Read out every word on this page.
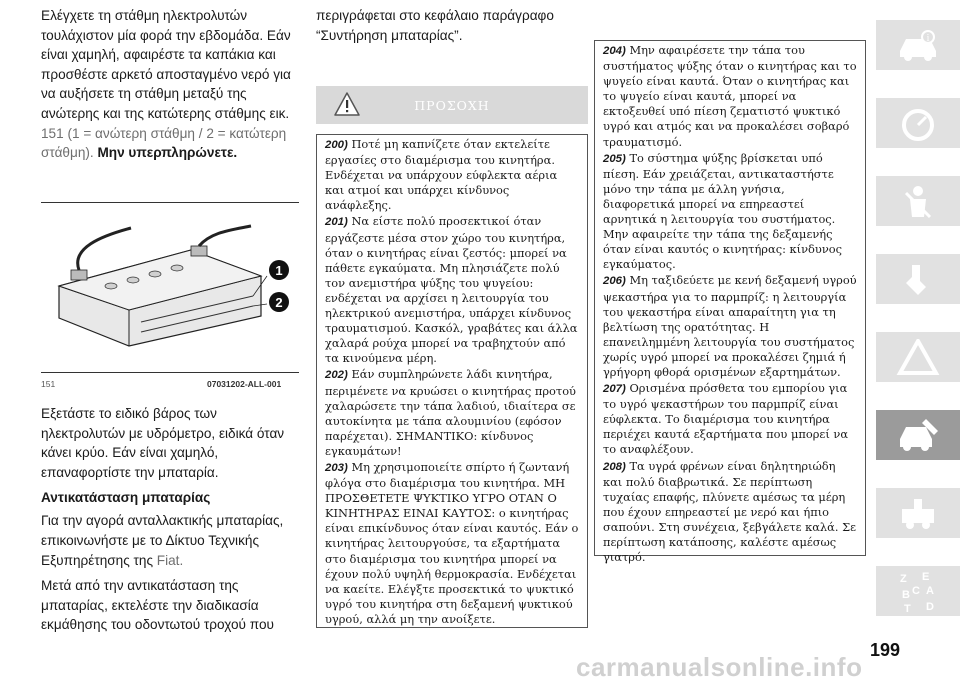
Ελέγχετε τη στάθμη ηλεκτρολυτών τουλάχιστον μία φορά την εβδομάδα. Εάν είναι χαμηλή, αφαιρέστε τα καπάκια και προσθέστε αρκετό αποσταγμένο νερό για να αυξήσετε τη στάθμη μεταξύ της ανώτερης και της κατώτερης στάθμης εικ. 151 (1 = ανώτερη στάθμη / 2 = κατώτερη στάθμη). Μην υπερπληρώνετε.

1
2
151	07031202-ALL-001

Εξετάστε το ειδικό βάρος των ηλεκτρολυτών με υδρόμετρο, ειδικά όταν κάνει κρύο. Εάν είναι χαμηλό, επαναφορτίστε την μπαταρία.

Αντικατάσταση μπαταρίας

Για την αγορά ανταλλακτικής μπαταρίας, επικοινωνήστε με το Δίκτυο Τεχνικής Εξυπηρέτησης της Fiat.

Μετά από την αντικατάσταση της μπαταρίας, εκτελέστε την διαδικασία εκμάθησης του οδοντωτού τροχού που

περιγράφεται στο κεφάλαιο παράγραφο “Συντήρηση μπαταρίας”.
ΠΡΟΣΟΧΗ

200) Ποτέ μη καπνίζετε όταν εκτελείτε εργασίες στο διαμέρισμα του κινητήρα. Ενδέχεται να υπάρχουν εύφλεκτα αέρια και ατμοί και υπάρχει κίνδυνος ανάφλεξης.

201) Να είστε πολύ προσεκτικοί όταν εργάζεστε μέσα στον χώρο του κινητήρα, όταν ο κινητήρας είναι ζεστός: μπορεί να πάθετε εγκαύματα. Μη πλησιάζετε πολύ τον ανεμιστήρα ψύξης του ψυγείου: ενδέχεται να αρχίσει η λειτουργία του ηλεκτρικού ανεμιστήρα, υπάρχει κίνδυνος τραυματισμού. Κασκόλ, γραβάτες και άλλα χαλαρά ρούχα μπορεί να τραβηχτούν από τα κινούμενα μέρη.

202) Εάν συμπληρώνετε λάδι κινητήρα, περιμένετε να κρυώσει ο κινητήρας προτού χαλαρώσετε την τάπα λαδιού, ιδιαίτερα σε αυτοκίνητα με τάπα αλουμινίου (εφόσον παρέχεται). ΣΗΜΑΝΤΙΚΟ: κίνδυνος εγκαυμάτων!

203) Μη χρησιμοποιείτε σπίρτο ή ζωντανή φλόγα στο διαμέρισμα του κινητήρα. ΜΗ ΠΡΟΣΘΕΤΕΤΕ ΨΥΚΤΙΚΟ ΥΓΡΟ ΟΤΑΝ Ο ΚΙΝΗΤΗΡΑΣ ΕΙΝΑΙ ΚΑΥΤΟΣ: ο κινητήρας είναι επικίνδυνος όταν είναι καυτός. Εάν ο κινητήρας λειτουργούσε, τα εξαρτήματα στο διαμέρισμα του κινητήρα μπορεί να έχουν πολύ υψηλή θερμοκρασία. Ενδέχεται να καείτε. Ελέγξτε προσεκτικά το ψυκτικό υγρό του κινητήρα στη δεξαμενή ψυκτικού υγρού, αλλά μη την ανοίξετε.

204) Μην αφαιρέσετε την τάπα του συστήματος ψύξης όταν ο κινητήρας και το ψυγείο είναι καυτά. Όταν ο κινητήρας και το ψυγείο είναι καυτά, μπορεί να εκτοξευθεί υπό πίεση ζεματιστό ψυκτικό υγρό και ατμός και να προκαλέσει σοβαρό τραυματισμό.

205) Το σύστημα ψύξης βρίσκεται υπό πίεση. Εάν χρειάζεται, αντικαταστήστε μόνο την τάπα με άλλη γνήσια, διαφορετικά μπορεί να επηρεαστεί αρνητικά η λειτουργία του συστήματος. Μην αφαιρείτε την τάπα της δεξαμενής όταν είναι καυτός ο κινητήρας: κίνδυνος εγκαύματος.

206) Μη ταξιδεύετε με κενή δεξαμενή υγρού ψεκαστήρα για το παρμπρίζ: η λειτουργία του ψεκαστήρα είναι απαραίτητη για τη βελτίωση της ορατότητας. Η επανειλημμένη λειτουργία του συστήματος χωρίς υγρό μπορεί να προκαλέσει ζημιά ή γρήγορη φθορά ορισμένων εξαρτημάτων.

207) Ορισμένα πρόσθετα του εμπορίου για το υγρό ψεκαστήρων του παρμπρίζ είναι εύφλεκτα. Το διαμέρισμα του κινητήρα περιέχει καυτά εξαρτήματα που μπορεί να το αναφλέξουν.

208) Τα υγρά φρένων είναι δηλητηριώδη και πολύ διαβρωτικά. Σε περίπτωση τυχαίας επαφής, πλύνετε αμέσως τα μέρη που έχουν επηρεαστεί με νερό και ήπιο σαπούνι. Στη συνέχεια, ξεβγάλετε καλά. Σε περίπτωση κατάποσης, καλέστε αμέσως γιατρό.

i
Z E
B C
T D
A
carmanualsonline.info
199
